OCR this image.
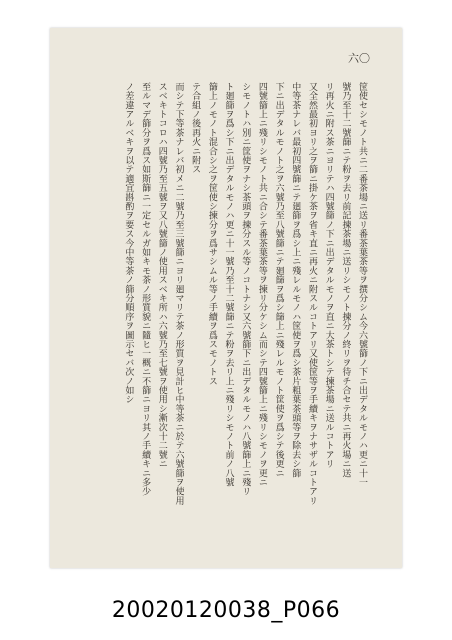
六〇
筐使セシモノト共ニ二番茶場ニ送リ番茶葉茶等ヲ撰分シム今六號篩ノ下ニ出デタルモノハ更ニ十一
號乃至十二號篩ニテ粉ヲ去リ前記揀茶場ニ送リシモノト揀分ノ終リヲ待チ合セテ共ニ再火場ニ送
リ再火ニ附ス茶ニヨリテハ四號篩ノ下ニ出デタルモノヲ直ニ大茶トシテ揀茶場ニ送ルコトアリ
又全然最初ヨリ之ヲ篩ニ掛ケ茶ヲ省キ直ニ再火ニ附スルコトアリ又使筐等ヲ手續キヲナサザルコトアリ
中等茶ナレバ最初四號篩ニテ廻篩ヲ爲シ上ニ殘レルモノハ筐使ヲ爲シ茶片粗葉茶頭等ヲ除去シ篩
下ニ出デタルモノト之ヲ六號乃至八號篩ニテ廻篩ヲ爲シ篩上ニ殘レルモノト筐使ヲ爲シテ後更ニ
四號篩上ニ殘リシモノト共ニ合シテ番茶葉茶等ヲ揀リ分ケシム而シテ四號篩上ニ殘リシモノヲ更ニ
シモノトハ別ニ筐使ヲナシ茶頭ヲ揀分スル等ノコトナシ又六號篩下ニ出デタルモノハ八號篩上ニ殘リ
ト廻篩ヲ爲シ下ニ出デタルモノハ更ニ十一號乃至十二號篩ニテ粉ヲ去リ上ニ殘リシモノト前ノ八號
篩上ノモノト混合シ之ヲ筐使シ揀分ヲ爲サシムル等ノ手續ヲ爲スモノトス
テ合組ノ後再火ニ附ス
而シテ下等茶ナレバ初メニ二號乃至三號篩ニヨリ廻マリテ茶ノ形質ヲ見計ヒ中等茶ニ於テ六號篩ヲ使用
スベキトコロハ四號乃至五號ヲ又八號篩ノ使用スベキ所ハ六號乃至七號ヲ使用シ漸次十二號ニ
至ルマデ篩分ヲ爲ス如斯篩ニ一定セルガ如キモ茶ノ形質貌ニ隨ヒ一概ニ不篩ニヨリ其ノ手續キニ多少
ノ差違アルベキヲ以テ適宜斟酌ヲ要ス今中等茶ノ篩分順序ヲ圖示セバ次ノ如シ
20020120038_P066
